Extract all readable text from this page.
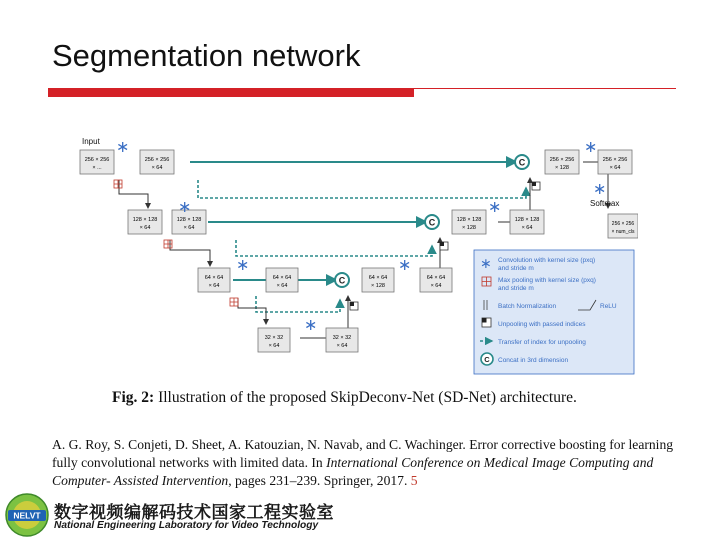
Segmentation network
C
C
C
256 × 256
× ...
256 × 256
× 64
256 × 256
× 128
256 × 256
× 64
256 × 256
× num_cls
128 × 128
× 64
128 × 128
× 64
128 × 128
× 128
128 × 128
× 64
64 × 64
× 64
64 × 64
× 64
64 × 64
× 128
64 × 64
× 64
32 × 32
× 64
32 × 32
× 64
∗
∗
∗
∗
∗
∗
∗
∗
Input
Softmax
∗ Convolution with kernel size (pxq)
and stride m
Max pooling with kernel size (pxq)
and stride m
Batch Normalization	ReLU
Unpooling with passed indices
Transfer of index for unpooling
C Concat in 3rd dimension
Fig. 2: Illustration of the proposed SkipDeconv-Net (SD-Net) architecture.
A. G. Roy, S. Conjeti, D. Sheet, A. Katouzian, N. Navab, and C. Wachinger. Error corrective boosting for learning fully convolutional networks with limited data. In International Conference on Medical Image Computing and Computer- Assisted Intervention, pages 231–239. Springer, 2017. 5
NELVT 数字视频编解码技术国家工程实验室
National Engineering Laboratory for Video Technology
